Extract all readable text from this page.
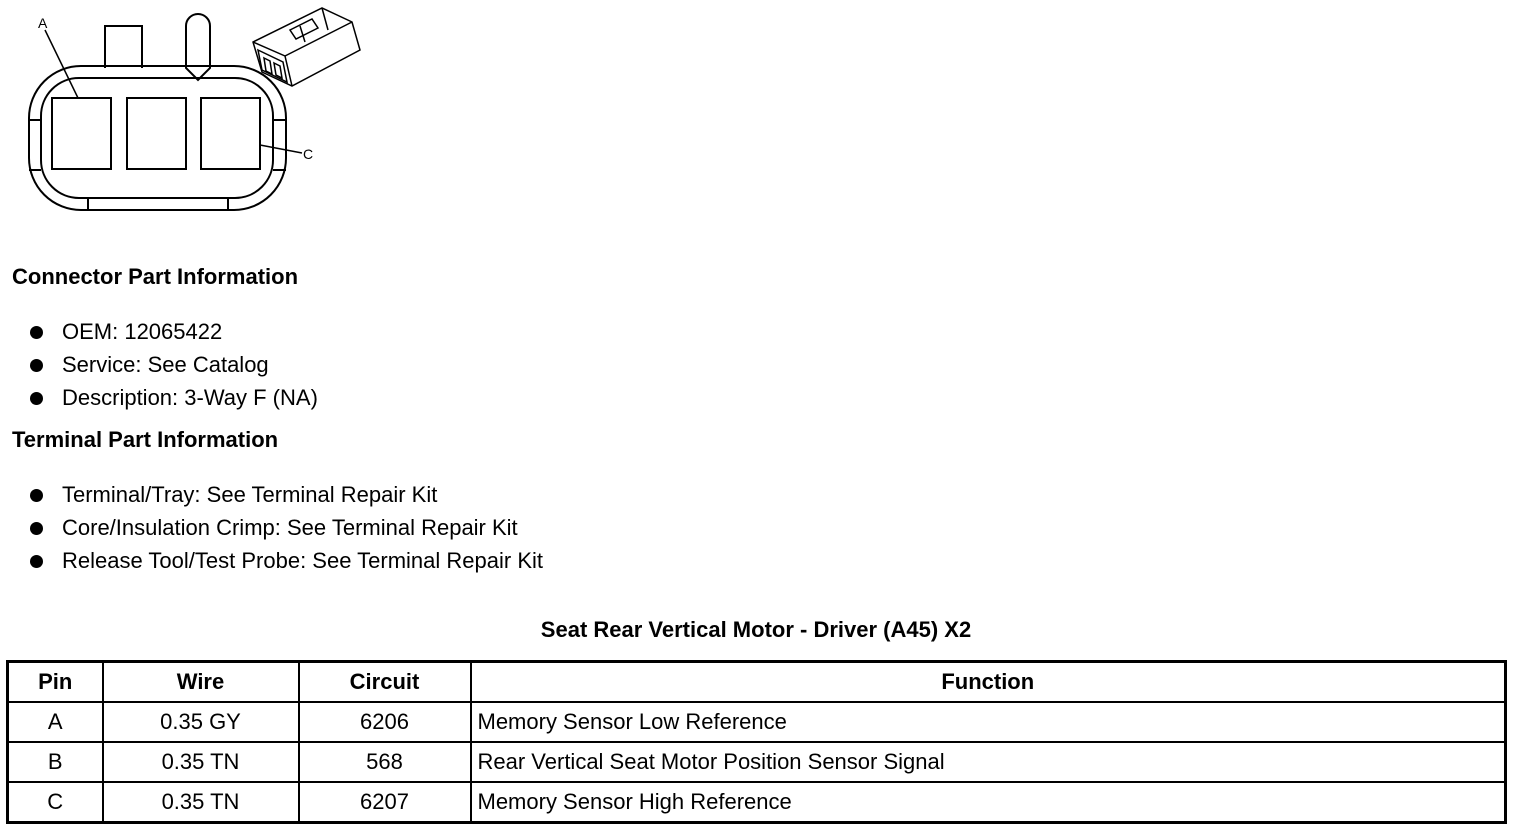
A
C
Connector Part Information
OEM: 12065422
Service: See Catalog
Description: 3-Way F (NA)
Terminal Part Information
Terminal/Tray: See Terminal Repair Kit
Core/Insulation Crimp: See Terminal Repair Kit
Release Tool/Test Probe: See Terminal Repair Kit
Seat Rear Vertical Motor - Driver (A45) X2
Pin	Wire	Circuit	Function
A	0.35 GY	6206	Memory Sensor Low Reference
B	0.35 TN	568	Rear Vertical Seat Motor Position Sensor Signal
C	0.35 TN	6207	Memory Sensor High Reference
